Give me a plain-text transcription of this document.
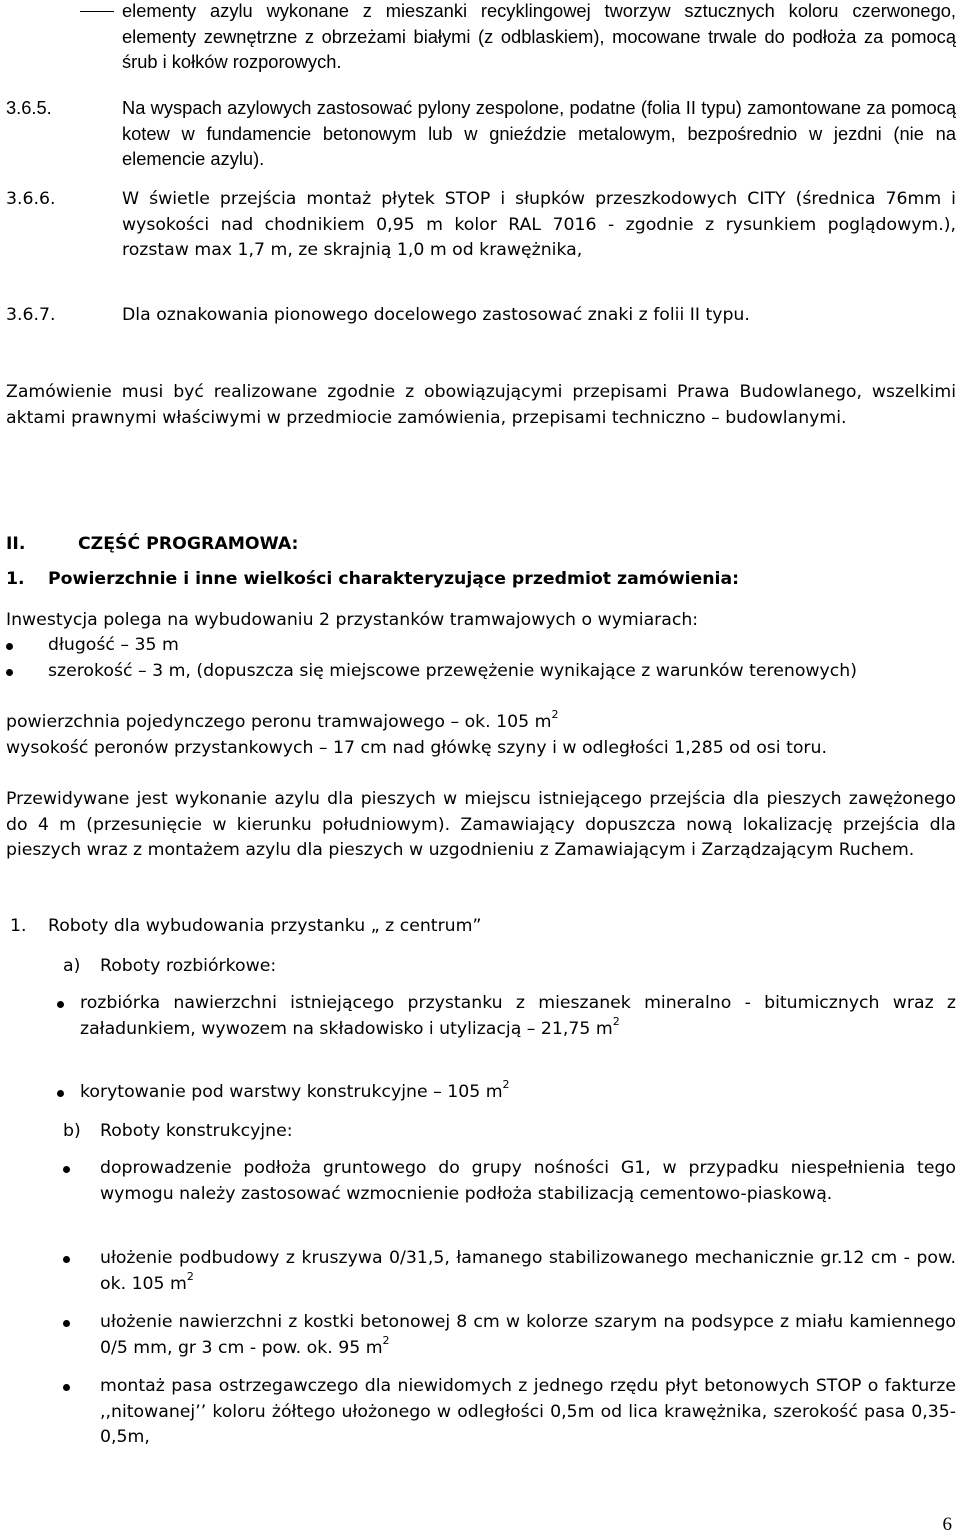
elementy azylu wykonane z mieszanki recyklingowej tworzyw sztucznych koloru czerwonego, elementy zewnętrzne z obrzeżami białymi (z odblaskiem), mocowane trwale do podłoża za pomocą śrub i kołków rozporowych.

3.6.5.	Na wyspach azylowych zastosować pylony zespolone, podatne (folia II typu) zamontowane za pomocą kotew w fundamencie betonowym lub w gnieździe metalowym, bezpośrednio w jezdni (nie na elemencie azylu).

3.6.6.	W świetle przejścia montaż płytek STOP i słupków przeszkodowych CITY (średnica 76mm i wysokości nad chodnikiem 0,95 m kolor RAL 7016 - zgodnie z rysunkiem poglądowym.), rozstaw max 1,7 m, ze skrajnią 1,0 m od krawężnika,

3.6.7.	Dla oznakowania pionowego docelowego zastosować znaki z folii II typu.

Zamówienie musi być realizowane zgodnie z obowiązującymi przepisami Prawa Budowlanego, wszelkimi aktami prawnymi właściwymi w przedmiocie zamówienia, przepisami techniczno – budowlanymi.

II.	CZĘŚĆ PROGRAMOWA:

1. Powierzchnie i inne wielkości charakteryzujące przedmiot zamówienia:

Inwestycja polega na wybudowaniu 2 przystanków tramwajowych o wymiarach:

długość – 35 m

szerokość – 3 m, (dopuszcza się miejscowe przewężenie wynikające z warunków terenowych)

powierzchnia pojedynczego peronu tramwajowego – ok. 105 $m^2$

wysokość peronów przystankowych – 17 cm nad główkę szyny i w odległości 1,285 od osi toru.

Przewidywane jest wykonanie azylu dla pieszych w miejscu istniejącego przejścia dla pieszych zawężonego do 4 m (przesunięcie w kierunku południowym). Zamawiający dopuszcza nową lokalizację przejścia dla pieszych wraz z montażem azylu dla pieszych w uzgodnieniu z Zamawiającym i Zarządzającym Ruchem.

1. Roboty dla wybudowania przystanku „ z centrum”

a) Roboty rozbiórkowe:

rozbiórka nawierzchni istniejącego przystanku z mieszanek mineralno - bitumicznych wraz z załadunkiem, wywozem na składowisko i utylizacją – 21,75 $m^2$

korytowanie pod warstwy konstrukcyjne – 105 $m^2$

b) Roboty konstrukcyjne:

doprowadzenie podłoża gruntowego do grupy nośności G1, w przypadku niespełnienia tego wymogu należy zastosować wzmocnienie podłoża stabilizacją cementowo-piaskową.

ułożenie podbudowy z kruszywa 0/31,5, łamanego stabilizowanego mechanicznie gr.12 cm - pow. ok. 105 $m^2$

ułożenie nawierzchni z kostki betonowej 8 cm w kolorze szarym na podsypce z miału kamiennego 0/5 mm, gr 3 cm - pow. ok. 95 $m^2$

montaż pasa ostrzegawczego dla niewidomych z jednego rzędu płyt betonowych STOP o fakturze ,,nitowanej’’ koloru żółtego ułożonego w odległości 0,5m od lica krawężnika, szerokość pasa 0,35-0,5m,

6
